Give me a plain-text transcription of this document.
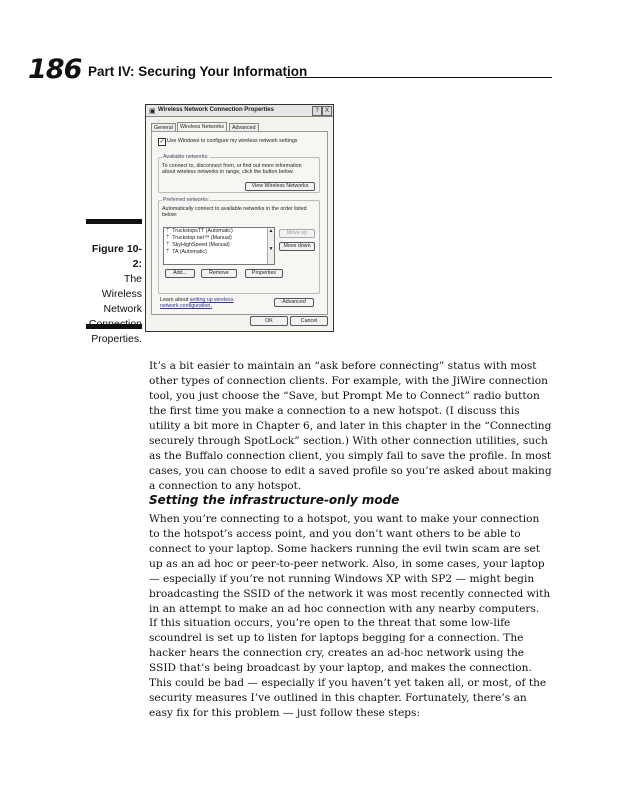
186 Part IV: Securing Your Information
Figure 10-2:
The
Wireless
Network
Properties.
▣ Wireless Network Connection Properties	?	X
General	Wireless Networks	Advanced
✓ Use Windows to configure my wireless network settings
Available networks:
To connect to, disconnect from, or find out more information about wireless networks in range, click the button below.
View Wireless Networks
Preferred networks:
Automatically connect to available networks in the order listed below:
ᛘ TruckstopsTT (Automatic)
ᛘ Truckstop.net™ (Manual)
ᛘ SkyHighSpeed (Manual)
ᛘ TA (Automatic)
▲

▼
Move up
Move down
Add...	Remove	Properties
Learn about setting up wireless network configuration.
Advanced
OK	Cancel

It’s a bit easier to maintain an “ask before connecting” status with most other types of connection clients. For example, with the JiWire connection tool, you just choose the “Save, but Prompt Me to Connect” radio button the first time you make a connection to a new hotspot. (I discuss this utility a bit more in Chapter 6, and later in this chapter in the “Connecting securely through SpotLock” section.) With other connection utilities, such as the Buffalo connection client, you simply fail to save the profile. In most cases, you can choose to edit a saved profile so you’re asked about making a connection to any hotspot.

Setting the infrastructure-only mode

When you’re connecting to a hotspot, you want to make your connection to the hotspot’s access point, and you don’t want others to be able to connect to your laptop. Some hackers running the evil twin scam are set up as an ad hoc or peer-to-peer network. Also, in some cases, your laptop — especially if you’re not running Windows XP with SP2 — might begin broadcasting the SSID of the network it was most recently connected with in an attempt to make an ad hoc connection with any nearby computers.

If this situation occurs, you’re open to the threat that some low-life scoundrel is set up to listen for laptops begging for a connection. The hacker hears the connection cry, creates an ad-hoc network using the SSID that’s being broadcast by your laptop, and makes the connection. This could be bad — especially if you haven’t yet taken all, or most, of the security measures I’ve outlined in this chapter. Fortunately, there’s an easy fix for this problem — just follow these steps:
